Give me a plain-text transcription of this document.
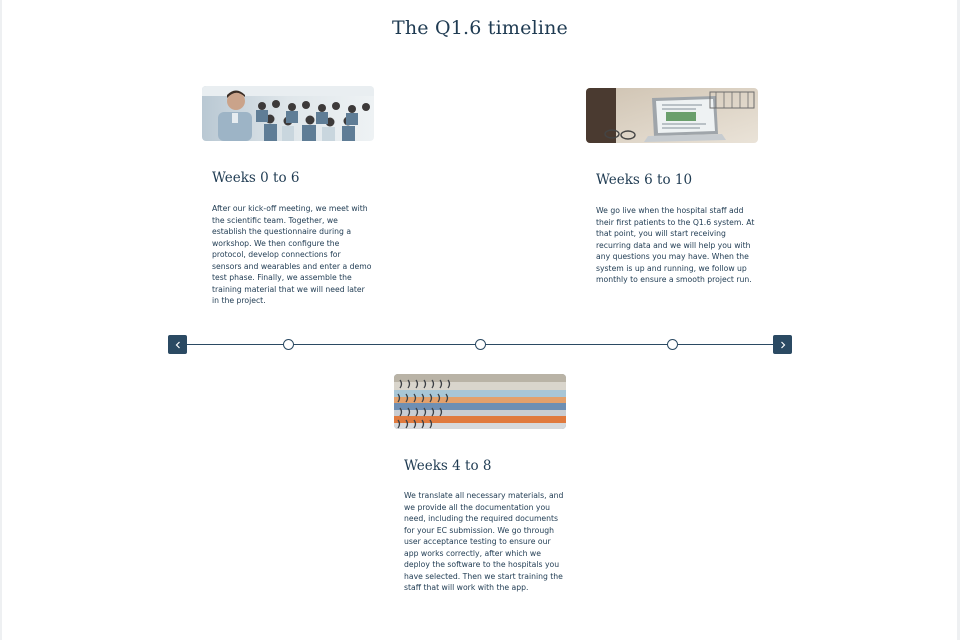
The Q1.6 timeline
Weeks 0 to 6
After our kick-off meeting, we meet with the scientific team. Together, we establish the questionnaire during a workshop. We then configure the protocol, develop connections for sensors and wearables and enter a demo test phase. Finally, we assemble the training material that we will need later in the project.
Weeks 6 to 10
We go live when the hospital staff add their first patients to the Q1.6 system. At that point, you will start receiving recurring data and we will help you with any questions you may have. When the system is up and running, we follow up monthly to ensure a smooth project run.
Weeks 4 to 8
We translate all necessary materials, and we provide all the documentation you need, including the required documents for your EC submission. We go through user acceptance testing to ensure our app works correctly, after which we deploy the software to the hospitals you have selected. Then we start training the staff that will work with the app.
